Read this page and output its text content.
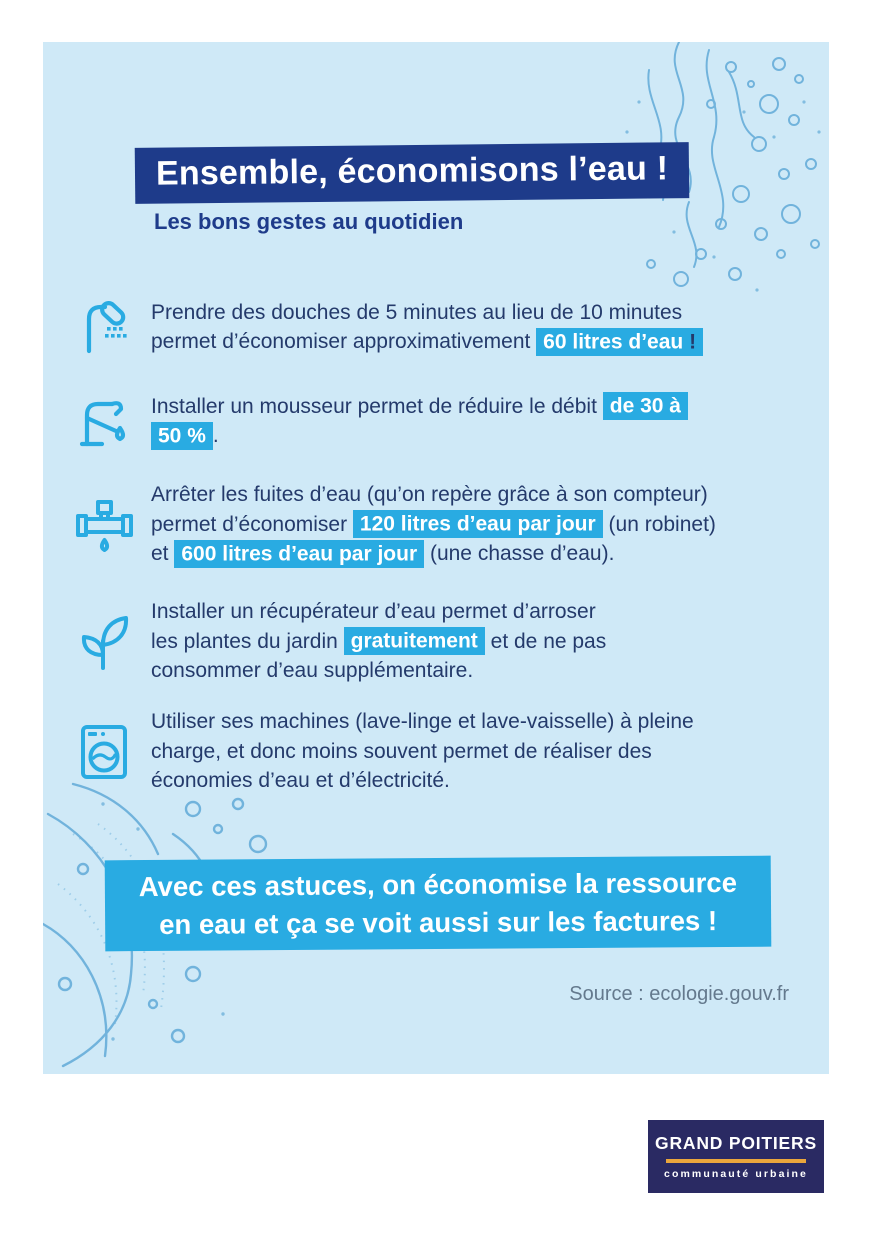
Ensemble, économisons l’eau !
Les bons gestes au quotidien
Prendre des douches de 5 minutes au lieu de 10 minutes
permet d’économiser approximativement 60 litres d’eau !
Installer un mousseur permet de réduire le débit de 30 à
50 % .
Arrêter les fuites d’eau (qu’on repère grâce à son compteur)
permet d’économiser 120 litres d’eau par jour (un robinet)
et 600 litres d’eau par jour (une chasse d’eau).
Installer un récupérateur d’eau permet d’arroser
les plantes du jardin gratuitement et de ne pas
consommer d’eau supplémentaire.
Utiliser ses machines (lave-linge et lave-vaisselle) à pleine
charge, et donc moins souvent permet de réaliser des
économies d’eau et d’électricité.
Avec ces astuces, on économise la ressource
en eau et ça se voit aussi sur les factures !
Source : ecologie.gouv.fr
GRAND POITIERS
communauté urbaine
